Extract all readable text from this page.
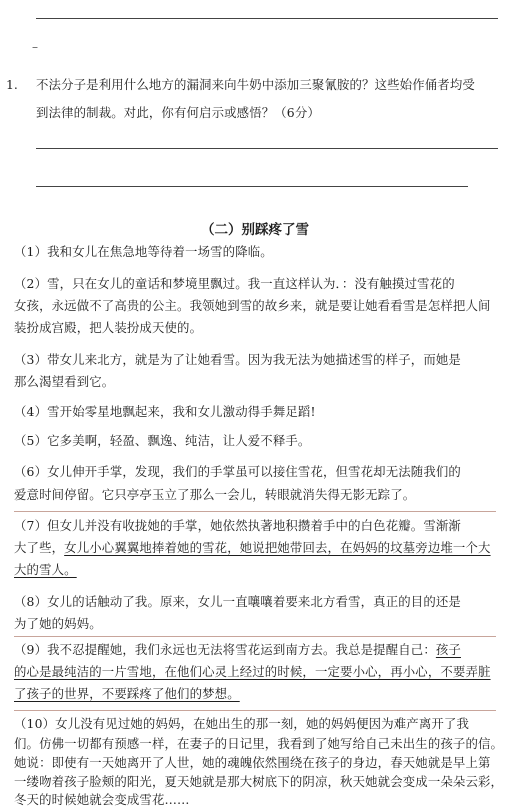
–
1. 不法分子是利用什么地方的漏洞来向牛奶中添加三聚氰胺的？这些始作俑者均受
到法律的制裁。对此，你有何启示或感悟？（6分）
（二）别踩疼了雪
（1）我和女儿在焦急地等待着一场雪的降临。
（2）雪，只在女儿的童话和梦境里飘过。我一直这样认为．：没有触摸过雪花的
女孩，永远做不了高贵的公主。我领她到雪的故乡来，就是要让她看看雪是怎样把人间
装扮成宫殿，把人装扮成天使的。
（3）带女儿来北方，就是为了让她看雪。因为我无法为她描述雪的样子，而她是
那么渴望看到它。
（4）雪开始零星地飘起来，我和女儿激动得手舞足蹈!
（5）它多美啊，轻盈、飘逸、纯洁，让人爱不释手。
（6）女儿伸开手掌，发现，我们的手掌虽可以接住雪花，但雪花却无法随我们的
爱意时间停留。它只亭亭玉立了那么一会儿，转眼就消失得无影无踪了。
（7）但女儿并没有收拢她的手掌，她依然执著地积攒着手中的白色花瓣。雪渐渐
大了些，女儿小心翼翼地捧着她的雪花，她说把她带回去，在妈妈的坟墓旁边堆一个大
大的雪人。
（8）女儿的话触动了我。原来，女儿一直嚷嚷着要来北方看雪，真正的目的还是
为了她的妈妈。
（9）我不忍提醒她，我们永远也无法将雪花运到南方去。我总是提醒自己：孩子
的心是最纯洁的一片雪地，在他们心灵上经过的时候，一定要小心，再小心，不要弄脏
了孩子的世界，不要踩疼了他们的梦想。
（10）女儿没有见过她的妈妈，在她出生的那一刻，她的妈妈便因为难产离开了我
们。仿佛一切都有预感一样，在妻子的日记里，我看到了她写给自己未出生的孩子的信。
她说：即使有一天她离开了人世，她的魂魄依然围绕在孩子的身边，春天她就是早上第
一缕吻着孩子脸颊的阳光，夏天她就是那大树底下的阴凉，秋天她就会变成一朵朵云彩，
冬天的时候她就会变成雪花……
